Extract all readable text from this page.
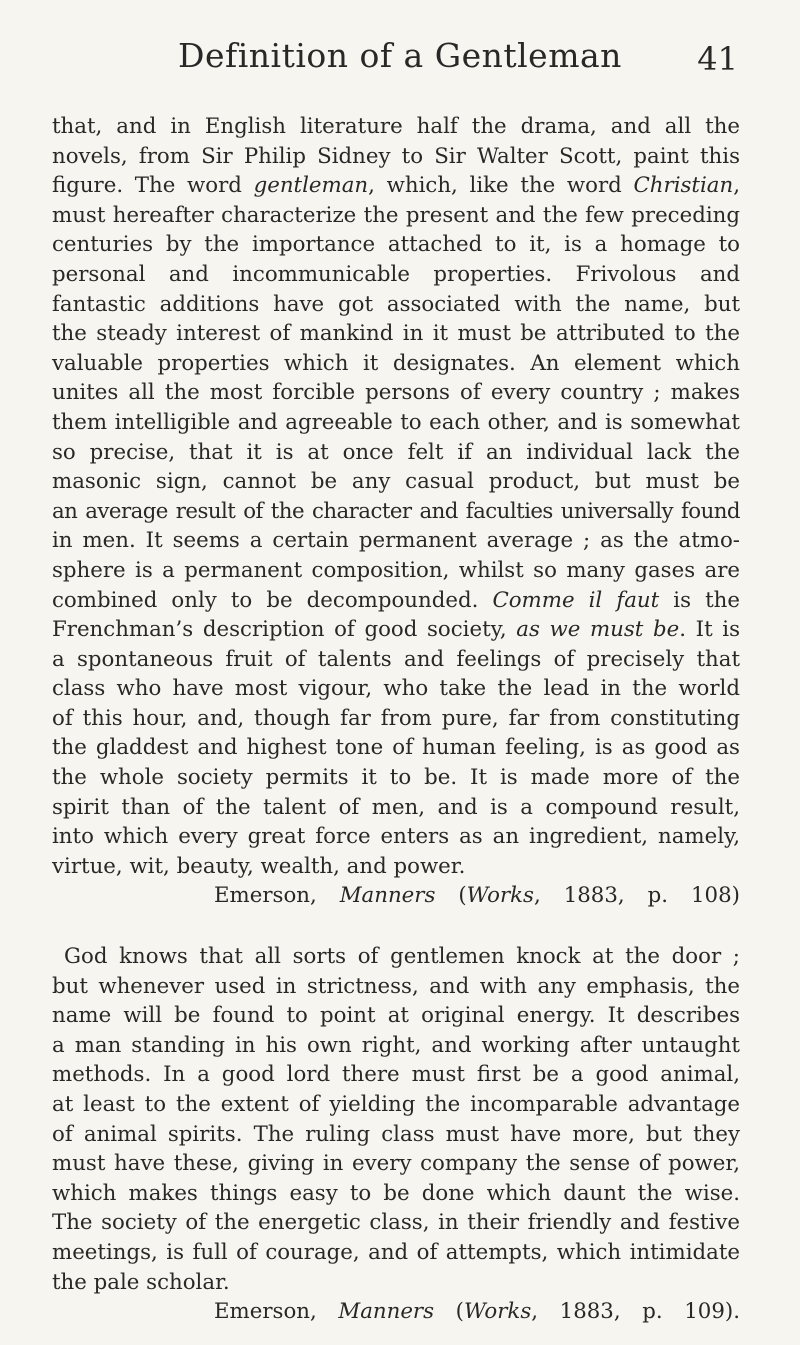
Definition of a Gentleman 41

that, and in English literature half the drama, and all the

novels, from Sir Philip Sidney to Sir Walter Scott, paint this

figure. The word gentleman, which, like the word Christian,

must hereafter characterize the present and the few preceding

centuries by the importance attached to it, is a homage to

personal and incommunicable properties. Frivolous and

fantastic additions have got associated with the name, but

the steady interest of mankind in it must be attributed to the

valuable properties which it designates. An element which

unites all the most forcible persons of every country ; makes

them intelligible and agreeable to each other, and is somewhat

so precise, that it is at once felt if an individual lack the

masonic sign, cannot be any casual product, but must be

an average result of the character and faculties universally found

in men. It seems a certain permanent average ; as the atmo-

sphere is a permanent composition, whilst so many gases are

combined only to be decompounded. Comme il faut is the

Frenchman’s description of good society, as we must be. It is

a spontaneous fruit of talents and feelings of precisely that

class who have most vigour, who take the lead in the world

of this hour, and, though far from pure, far from constituting

the gladdest and highest tone of human feeling, is as good as

the whole society permits it to be. It is made more of the

spirit than of the talent of men, and is a compound result,

into which every great force enters as an ingredient, namely,

virtue, wit, beauty, wealth, and power.

Emerson, Manners (Works, 1883, p. 108)

God knows that all sorts of gentlemen knock at the door ;

but whenever used in strictness, and with any emphasis, the

name will be found to point at original energy. It describes

a man standing in his own right, and working after untaught

methods. In a good lord there must first be a good animal,

at least to the extent of yielding the incomparable advantage

of animal spirits. The ruling class must have more, but they

must have these, giving in every company the sense of power,

which makes things easy to be done which daunt the wise.

The society of the energetic class, in their friendly and festive

meetings, is full of courage, and of attempts, which intimidate

the pale scholar.

Emerson, Manners (Works, 1883, p. 109).
